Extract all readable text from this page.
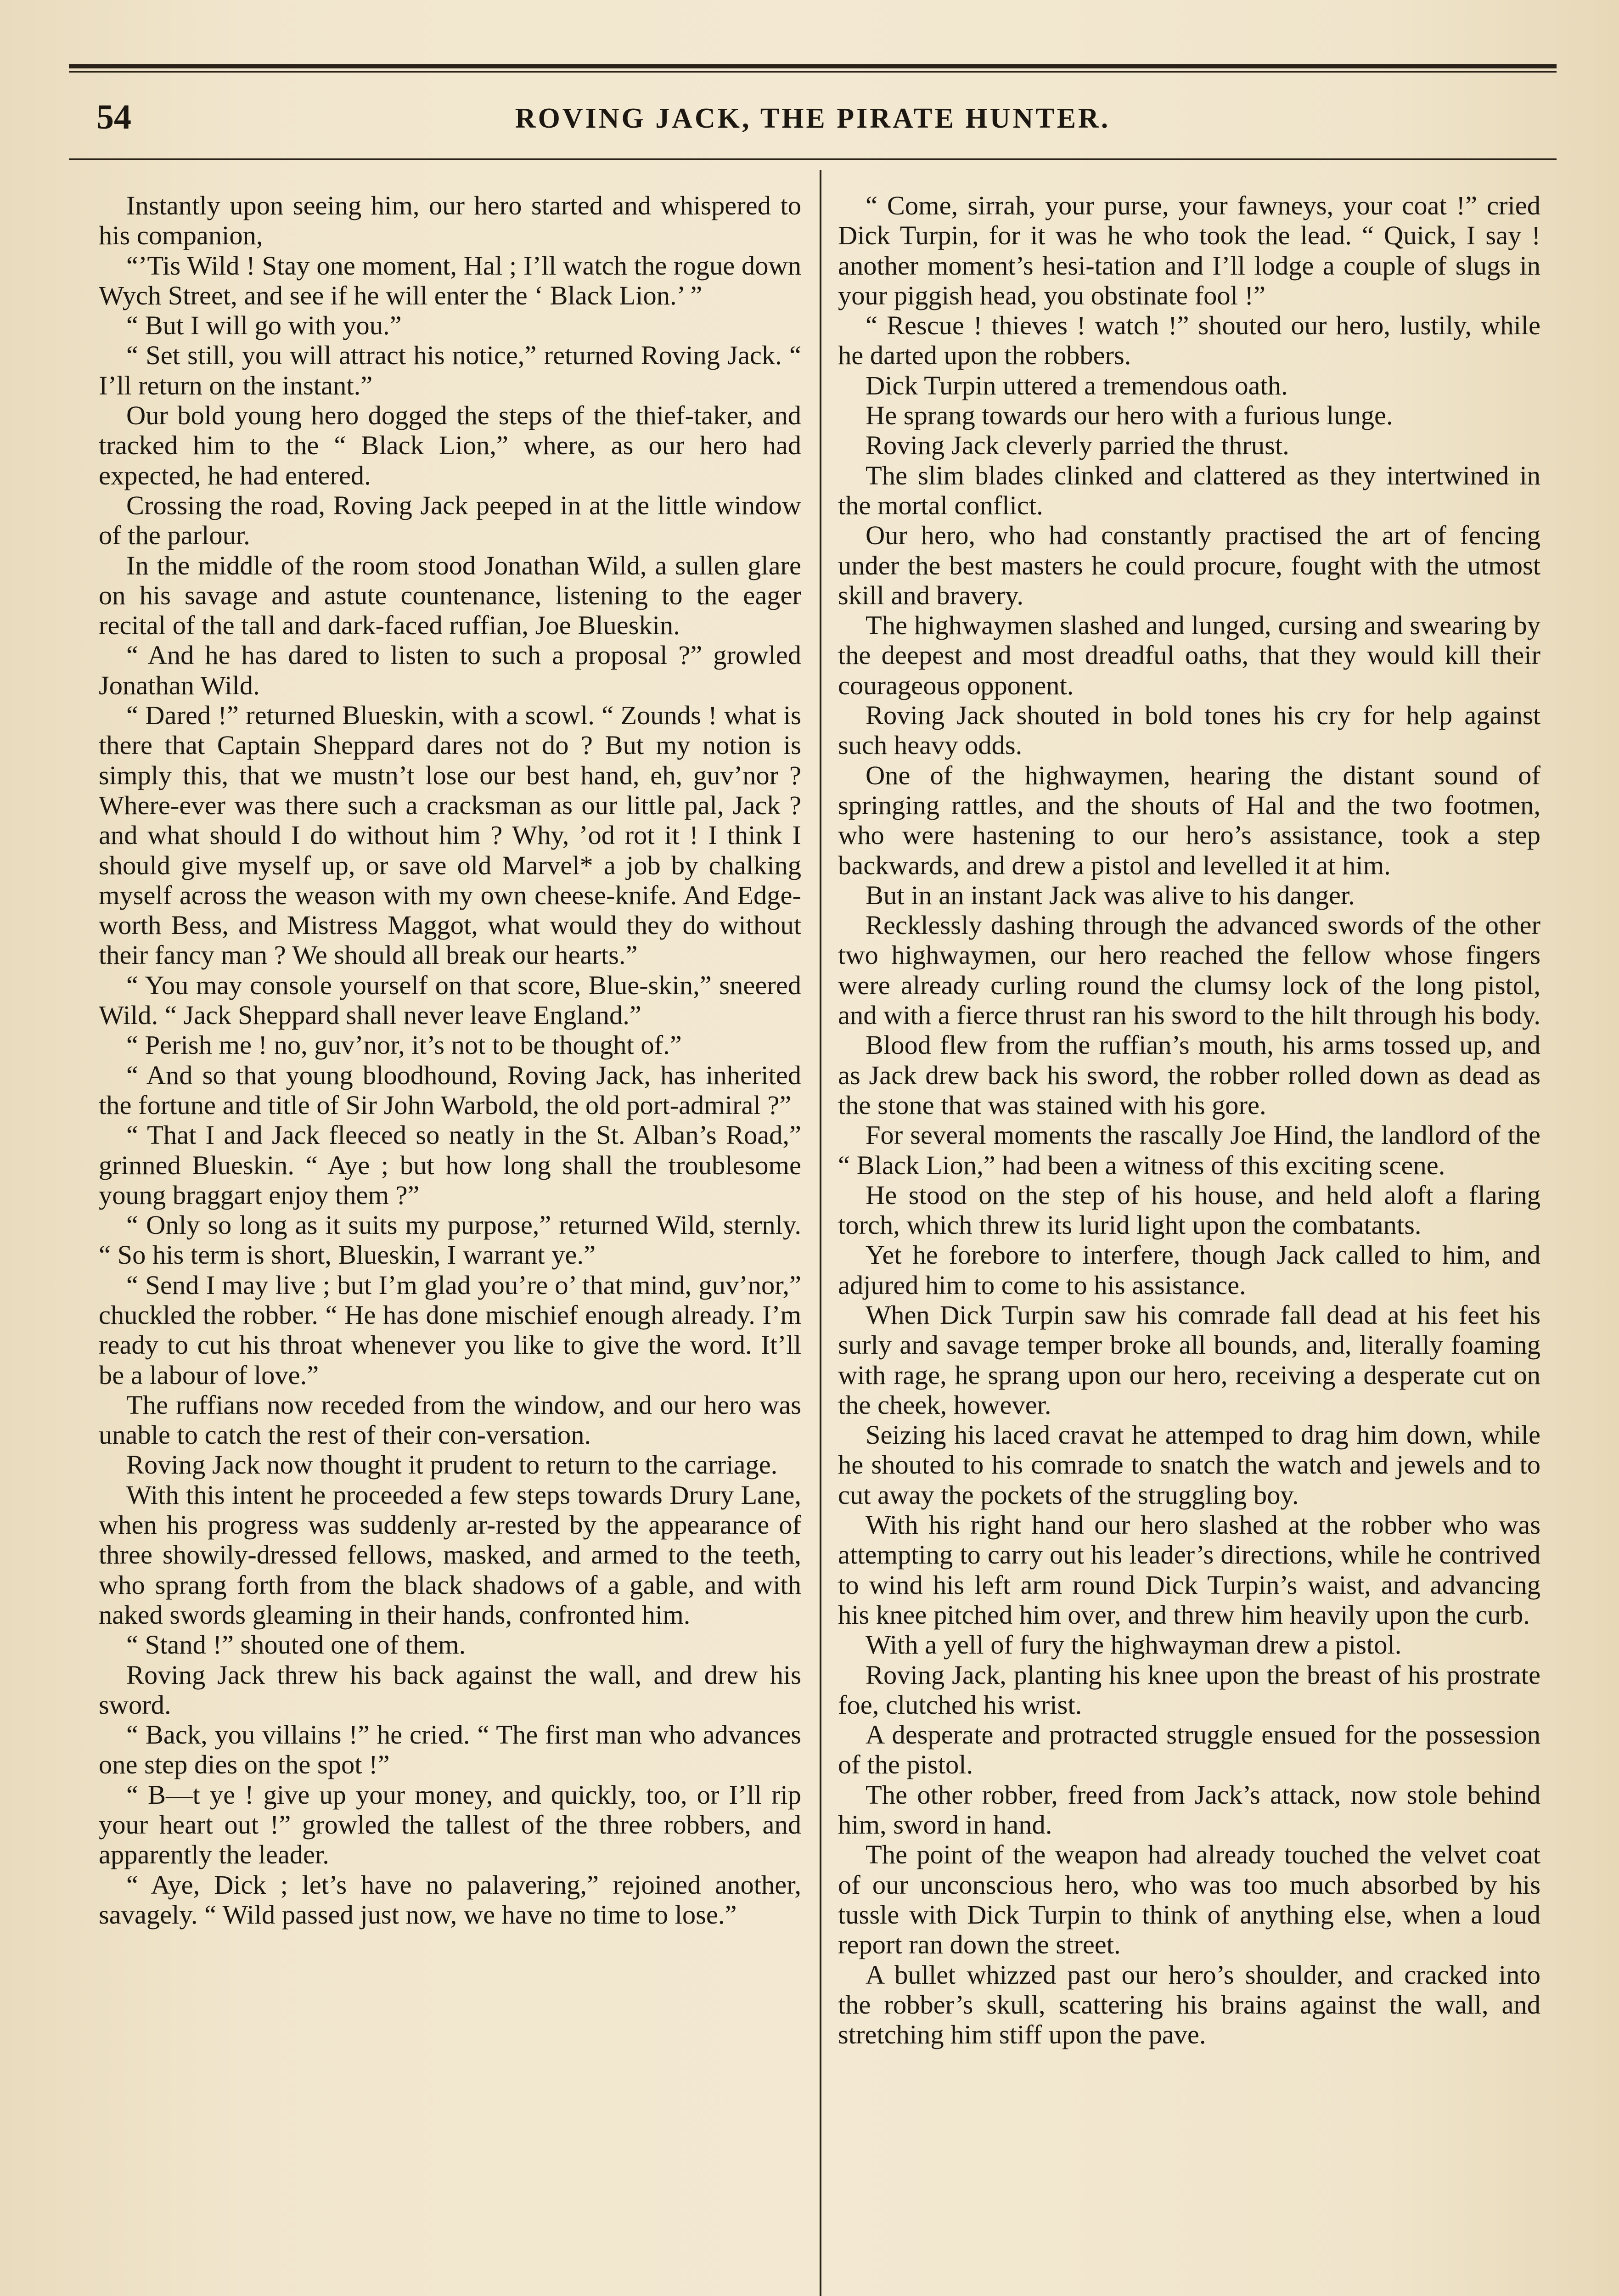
54	ROVING JACK, THE PIRATE HUNTER.

Instantly upon seeing him, our hero started and whispered to his companion,

“’Tis Wild ! Stay one moment, Hal ; I’ll watch the rogue down Wych Street, and see if he will enter the ‘ Black Lion.’ ”

“ But I will go with you.”

“ Set still, you will attract his notice,” returned Roving Jack. “ I’ll return on the instant.”

Our bold young hero dogged the steps of the thief-taker, and tracked him to the “ Black Lion,” where, as our hero had expected, he had entered.

Crossing the road, Roving Jack peeped in at the little window of the parlour.

In the middle of the room stood Jonathan Wild, a sullen glare on his savage and astute countenance, listening to the eager recital of the tall and dark-faced ruffian, Joe Blueskin.

“ And he has dared to listen to such a proposal ?” growled Jonathan Wild.

“ Dared !” returned Blueskin, with a scowl. “ Zounds ! what is there that Captain Sheppard dares not do ? But my notion is simply this, that we mustn’t lose our best hand, eh, guv’nor ? Where-ever was there such a cracksman as our little pal, Jack ? and what should I do without him ? Why, ’od rot it ! I think I should give myself up, or save old Marvel* a job by chalking myself across the weason with my own cheese-knife. And Edge-worth Bess, and Mistress Maggot, what would they do without their fancy man ? We should all break our hearts.”

“ You may console yourself on that score, Blue-skin,” sneered Wild. “ Jack Sheppard shall never leave England.”

“ Perish me ! no, guv’nor, it’s not to be thought of.”

“ And so that young bloodhound, Roving Jack, has inherited the fortune and title of Sir John Warbold, the old port-admiral ?”

“ That I and Jack fleeced so neatly in the St. Alban’s Road,” grinned Blueskin. “ Aye ; but how long shall the troublesome young braggart enjoy them ?”

“ Only so long as it suits my purpose,” returned Wild, sternly. “ So his term is short, Blueskin, I warrant ye.”

“ Send I may live ; but I’m glad you’re o’ that mind, guv’nor,” chuckled the robber. “ He has done mischief enough already. I’m ready to cut his throat whenever you like to give the word. It’ll be a labour of love.”

The ruffians now receded from the window, and our hero was unable to catch the rest of their con-versation.

Roving Jack now thought it prudent to return to the carriage.

With this intent he proceeded a few steps towards Drury Lane, when his progress was suddenly ar-rested by the appearance of three showily-dressed fellows, masked, and armed to the teeth, who sprang forth from the black shadows of a gable, and with naked swords gleaming in their hands, confronted him.

“ Stand !” shouted one of them.

Roving Jack threw his back against the wall, and drew his sword.

“ Back, you villains !” he cried. “ The first man who advances one step dies on the spot !”

“ B—t ye ! give up your money, and quickly, too, or I’ll rip your heart out !” growled the tallest of the three robbers, and apparently the leader.

“ Aye, Dick ; let’s have no palavering,” rejoined another, savagely. “ Wild passed just now, we have no time to lose.”

“ Come, sirrah, your purse, your fawneys, your coat !” cried Dick Turpin, for it was he who took the lead. “ Quick, I say ! another moment’s hesi-tation and I’ll lodge a couple of slugs in your piggish head, you obstinate fool !”

“ Rescue ! thieves ! watch !” shouted our hero, lustily, while he darted upon the robbers.

Dick Turpin uttered a tremendous oath.

He sprang towards our hero with a furious lunge.

Roving Jack cleverly parried the thrust.

The slim blades clinked and clattered as they intertwined in the mortal conflict.

Our hero, who had constantly practised the art of fencing under the best masters he could procure, fought with the utmost skill and bravery.

The highwaymen slashed and lunged, cursing and swearing by the deepest and most dreadful oaths, that they would kill their courageous opponent.

Roving Jack shouted in bold tones his cry for help against such heavy odds.

One of the highwaymen, hearing the distant sound of springing rattles, and the shouts of Hal and the two footmen, who were hastening to our hero’s assistance, took a step backwards, and drew a pistol and levelled it at him.

But in an instant Jack was alive to his danger.

Recklessly dashing through the advanced swords of the other two highwaymen, our hero reached the fellow whose fingers were already curling round the clumsy lock of the long pistol, and with a fierce thrust ran his sword to the hilt through his body.

Blood flew from the ruffian’s mouth, his arms tossed up, and as Jack drew back his sword, the robber rolled down as dead as the stone that was stained with his gore.

For several moments the rascally Joe Hind, the landlord of the “ Black Lion,” had been a witness of this exciting scene.

He stood on the step of his house, and held aloft a flaring torch, which threw its lurid light upon the combatants.

Yet he forebore to interfere, though Jack called to him, and adjured him to come to his assistance.

When Dick Turpin saw his comrade fall dead at his feet his surly and savage temper broke all bounds, and, literally foaming with rage, he sprang upon our hero, receiving a desperate cut on the cheek, however.

Seizing his laced cravat he attemped to drag him down, while he shouted to his comrade to snatch the watch and jewels and to cut away the pockets of the struggling boy.

With his right hand our hero slashed at the robber who was attempting to carry out his leader’s directions, while he contrived to wind his left arm round Dick Turpin’s waist, and advancing his knee pitched him over, and threw him heavily upon the curb.

With a yell of fury the highwayman drew a pistol.

Roving Jack, planting his knee upon the breast of his prostrate foe, clutched his wrist.

A desperate and protracted struggle ensued for the possession of the pistol.

The other robber, freed from Jack’s attack, now stole behind him, sword in hand.

The point of the weapon had already touched the velvet coat of our unconscious hero, who was too much absorbed by his tussle with Dick Turpin to think of anything else, when a loud report ran down the street.

A bullet whizzed past our hero’s shoulder, and cracked into the robber’s skull, scattering his brains against the wall, and stretching him stiff upon the pave.
